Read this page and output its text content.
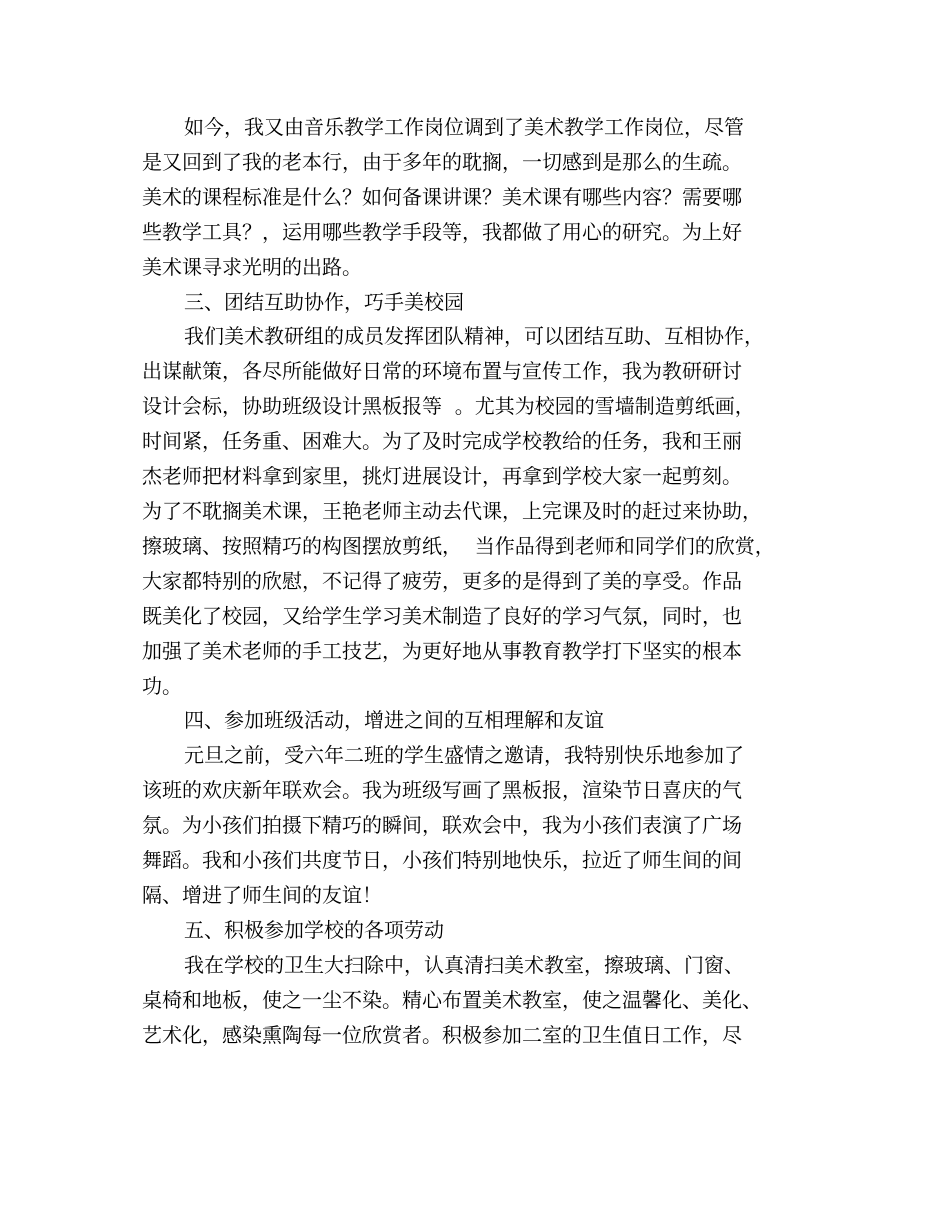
如今，我又由音乐教学工作岗位调到了美术教学工作岗位，尽管
是又回到了我的老本行，由于多年的耽搁，一切感到是那么的生疏。
美术的课程标准是什么？如何备课讲课？美术课有哪些内容？需要哪
些教学工具？，运用哪些教学手段等，我都做了用心的研究。为上好
美术课寻求光明的出路。
三、团结互助协作，巧手美校园
我们美术教研组的成员发挥团队精神，可以团结互助、互相协作，
出谋献策，各尽所能做好日常的环境布置与宣传工作，我为教研研讨
设计会标，协助班级设计黑板报等  。尤其为校园的雪墙制造剪纸画，
时间紧，任务重、困难大。为了及时完成学校教给的任务，我和王丽
杰老师把材料拿到家里，挑灯进展设计，再拿到学校大家一起剪刻。
为了不耽搁美术课，王艳老师主动去代课，上完课及时的赶过来协助，
擦玻璃、按照精巧的构图摆放剪纸，  当作品得到老师和同学们的欣赏，
大家都特别的欣慰，不记得了疲劳，更多的是得到了美的享受。作品
既美化了校园，又给学生学习美术制造了良好的学习气氛，同时，也
加强了美术老师的手工技艺，为更好地从事教育教学打下坚实的根本
功。
四、参加班级活动，增进之间的互相理解和友谊
元旦之前，受六年二班的学生盛情之邀请，我特别快乐地参加了
该班的欢庆新年联欢会。我为班级写画了黑板报，渲染节日喜庆的气
氛。为小孩们拍摄下精巧的瞬间，联欢会中，我为小孩们表演了广场
舞蹈。我和小孩们共度节日，小孩们特别地快乐，拉近了师生间的间
隔、增进了师生间的友谊！
五、积极参加学校的各项劳动
我在学校的卫生大扫除中，认真清扫美术教室，擦玻璃、门窗、
桌椅和地板，使之一尘不染。精心布置美术教室，使之温馨化、美化、
艺术化，感染熏陶每一位欣赏者。积极参加二室的卫生值日工作，尽
